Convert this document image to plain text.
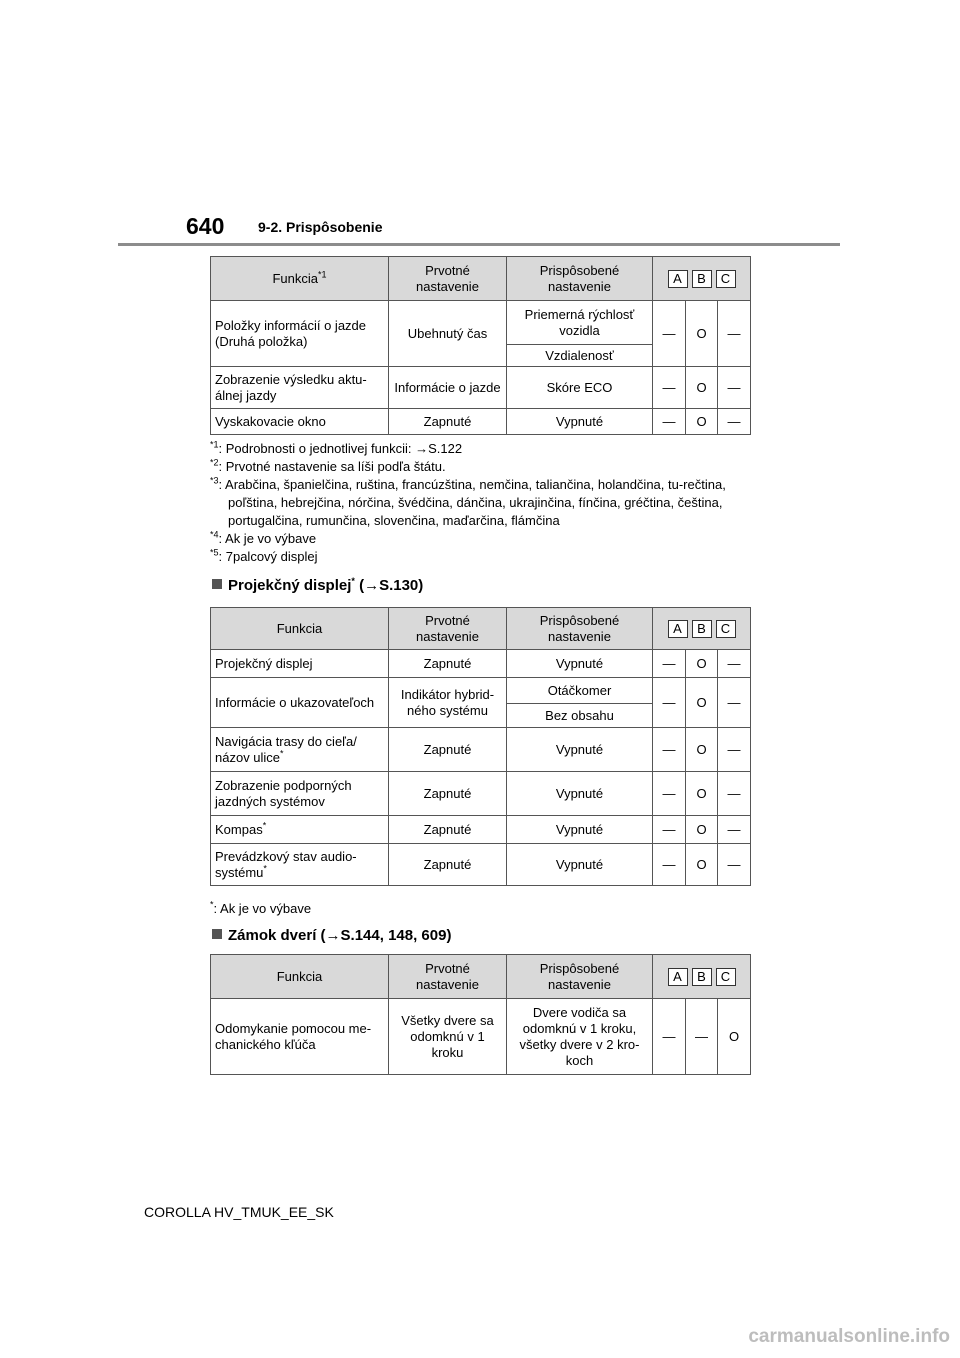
640 9-2. Prispôsobenie
Funkcia$^{*1}$	Prvotné nastavenie	Prispôsobené nastavenie	A B C		
Položky informácií o jazde (Druhá položka)	Ubehnutý čas	Priemerná rýchlosť vozidla	—	O	—
		Vzdialenosť			
Zobrazenie výsledku aktu-álnej jazdy	Informácie o jazde	Skóre ECO	—	O	—
Vyskakovacie okno	Zapnuté	Vypnuté	—	O	—
$^{*1}$: Podrobnosti o jednotlivej funkcii: →S.122
$^{*2}$: Prvotné nastavenie sa líši podľa štátu.
$^{*3}$: Arabčina, španielčina, ruština, francúzština, nemčina, taliančina, holandčina, tu-rečtina, poľština, hebrejčina, nórčina, švédčina, dánčina, ukrajinčina, fínčina, gréčtina, čeština, portugalčina, rumunčina, slovenčina, maďarčina, flámčina
$^{*4}$: Ak je vo výbave
$^{*5}$: 7palcový displej
Projekčný displej* (→S.130)
Funkcia	Prvotné nastavenie	Prispôsobené nastavenie	A B C		
Projekčný displej	Zapnuté	Vypnuté	—	O	—
Informácie o ukazovateľoch	Indikátor hybrid-ného systému	Otáčkomer	—	O	—
		Bez obsahu			
Navigácia trasy do cieľa/ názov ulice*	Zapnuté	Vypnuté	—	O	—
Zobrazenie podporných jazdných systémov	Zapnuté	Vypnuté	—	O	—
Kompas*	Zapnuté	Vypnuté	—	O	—
Prevádzkový stav audio-systému*	Zapnuté	Vypnuté	—	O	—
*: Ak je vo výbave
Zámok dverí (→S.144, 148, 609)
Funkcia	Prvotné nastavenie	Prispôsobené nastavenie	A B C		
Odomykanie pomocou me-chanického kľúča	Všetky dvere sa odomknú v 1 kroku	Dvere vodiča sa odomknú v 1 kroku, všetky dvere v 2 kro-koch	—	—	O
COROLLA HV_TMUK_EE_SK
carmanualsonline.info
